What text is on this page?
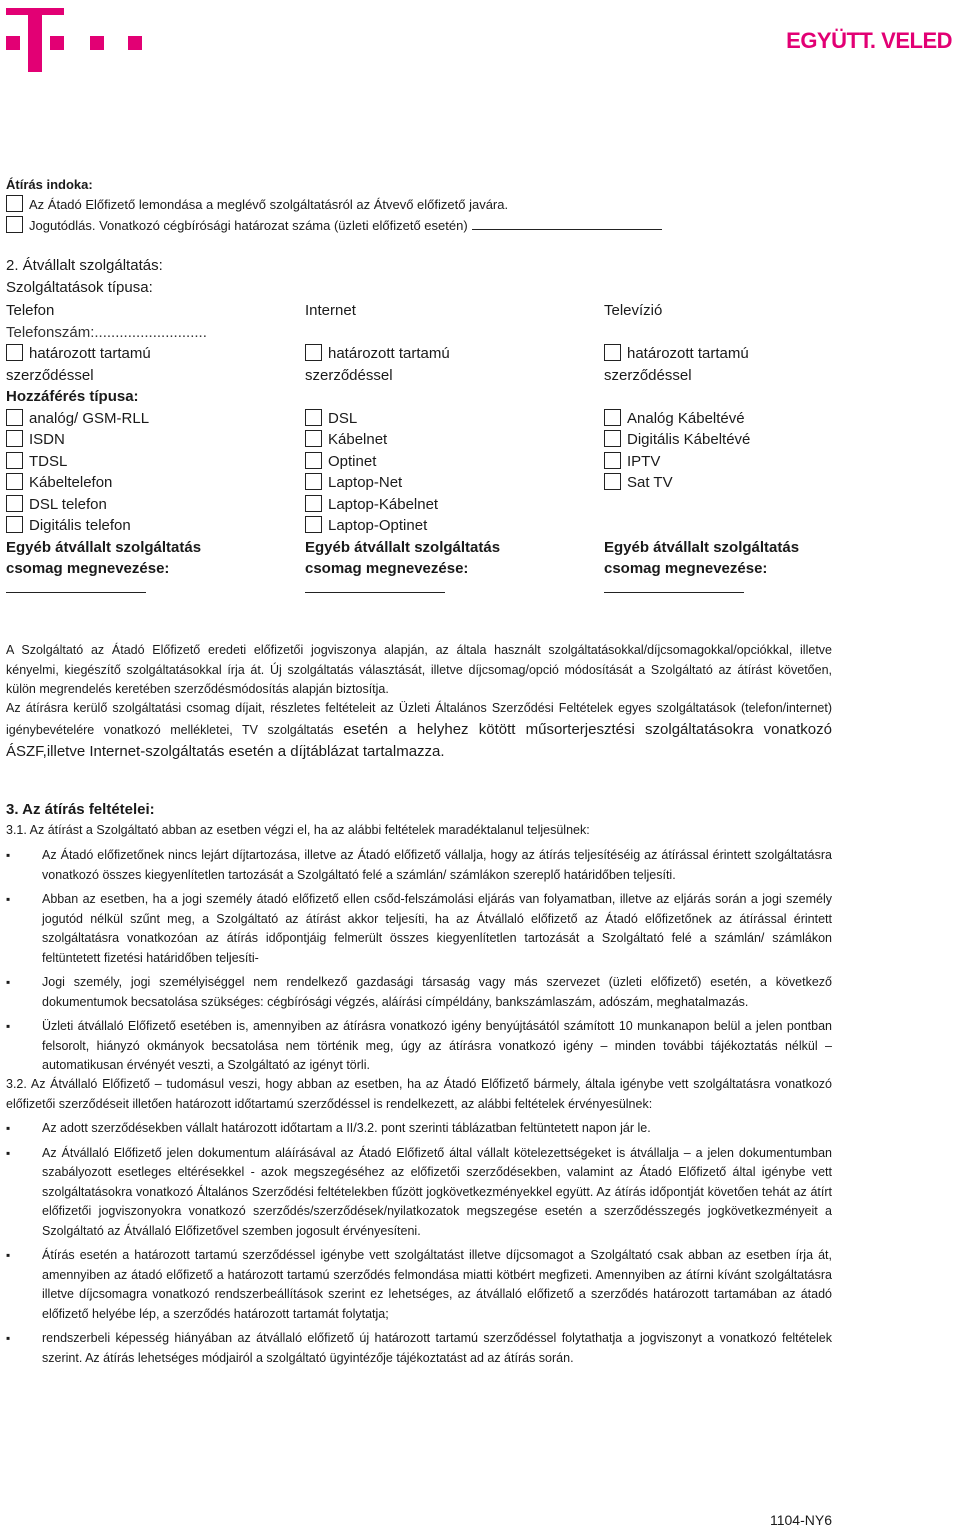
EGYÜTT. VELED
Átírás indoka:
Az Átadó Előfizető lemondása a meglévő szolgáltatásról az Átvevő előfizető javára.
Jogutódlás. Vonatkozó cégbírósági határozat száma (üzleti előfizető esetén)
2. Átvállalt szolgáltatás:
Szolgáltatások típusa:
Telefon
Telefonszám:...........................
határozott tartamú
szerződéssel
Hozzáférés típusa:
analóg/ GSM-RLL
ISDN
TDSL
Kábeltelefon
DSL telefon
Digitális telefon
Egyéb átvállalt szolgáltatás
csomag megnevezése:
Internet
határozott tartamú
szerződéssel
DSL
Kábelnet
Optinet
Laptop-Net
Laptop-Kábelnet
Laptop-Optinet
Egyéb átvállalt szolgáltatás
csomag megnevezése:
Televízió
határozott tartamú
szerződéssel
Analóg Kábeltévé
Digitális Kábeltévé
IPTV
Sat TV
Egyéb átvállalt szolgáltatás
csomag megnevezése:
A Szolgáltató az Átadó Előfizető eredeti előfizetői jogviszonya alapján, az általa használt szolgáltatásokkal/díjcsomagokkal/opciókkal, illetve kényelmi, kiegészítő szolgáltatásokkal írja át. Új szolgáltatás választását, illetve díjcsomag/opció módosítását a Szolgáltató az átírást követően, külön megrendelés keretében szerződésmódosítás alapján biztosítja.
Az átírásra kerülő szolgáltatási csomag díjait, részletes feltételeit az Üzleti Általános Szerződési Feltételek egyes szolgáltatások (telefon/internet) igénybevételére vonatkozó mellékletei, TV szolgáltatás esetén a helyhez kötött műsorterjesztési szolgáltatásokra vonatkozó ÁSZF,illetve Internet-szolgáltatás esetén a díjtáblázat tartalmazza.
3. Az átírás feltételei:
3.1. Az átírást a Szolgáltató abban az esetben végzi el, ha az alábbi feltételek maradéktalanul teljesülnek:
▪ Az Átadó előfizetőnek nincs lejárt díjtartozása, illetve az Átadó előfizető vállalja, hogy az átírás teljesítéséig az átírással érintett szolgáltatásra vonatkozó összes kiegyenlítetlen tartozását a Szolgáltató felé a számlán/ számlákon szereplő határidőben teljesíti.
▪ Abban az esetben, ha a jogi személy átadó előfizető ellen csőd-felszámolási eljárás van folyamatban, illetve az eljárás során a jogi személy jogutód nélkül szűnt meg, a Szolgáltató az átírást akkor teljesíti, ha az Átvállaló előfizető az Átadó előfizetőnek az átírással érintett szolgáltatásra vonatkozóan az átírás időpontjáig felmerült összes kiegyenlítetlen tartozását a Szolgáltató felé a számlán/ számlákon feltüntetett fizetési határidőben teljesíti-
▪ Jogi személy, jogi személyiséggel nem rendelkező gazdasági társaság vagy más szervezet (üzleti előfizető) esetén, a következő dokumentumok becsatolása szükséges: cégbírósági végzés, aláírási címpéldány, bankszámlaszám, adószám, meghatalmazás.
▪ Üzleti átvállaló Előfizető esetében is, amennyiben az átírásra vonatkozó igény benyújtásától számított 10 munkanapon belül a jelen pontban felsorolt, hiányzó okmányok becsatolása nem történik meg, úgy az átírásra vonatkozó igény – minden további tájékoztatás nélkül – automatikusan érvényét veszti, a Szolgáltató az igényt törli.
3.2. Az Átvállaló Előfizető – tudomásul veszi, hogy abban az esetben, ha az Átadó Előfizető bármely, általa igénybe vett szolgáltatásra vonatkozó előfizetői szerződéseit illetően határozott időtartamú szerződéssel is rendelkezett, az alábbi feltételek érvényesülnek:
▪ Az adott szerződésekben vállalt határozott időtartam a II/3.2. pont szerinti táblázatban feltüntetett napon jár le.
▪ Az Átvállaló Előfizető jelen dokumentum aláírásával az Átadó Előfizető által vállalt kötelezettségeket is átvállalja – a jelen dokumentumban szabályozott esetleges eltérésekkel - azok megszegéséhez az előfizetői szerződésekben, valamint az Átadó Előfizető által igénybe vett szolgáltatásokra vonatkozó Általános Szerződési feltételekben fűzött jogkövetkezményekkel együtt. Az átírás időpontját követően tehát az átírt előfizetői jogviszonyokra vonatkozó szerződés/szerződések/nyilatkozatok megszegése esetén a szerződésszegés jogkövetkezményeit a Szolgáltató az Átvállaló Előfizetővel szemben jogosult érvényesíteni.
▪ Átírás esetén a határozott tartamú szerződéssel igénybe vett szolgáltatást illetve díjcsomagot a Szolgáltató csak abban az esetben írja át, amennyiben az átadó előfizető a határozott tartamú szerződés felmondása miatti kötbért megfizeti. Amennyiben az átírni kívánt szolgáltatásra illetve díjcsomagra vonatkozó rendszerbeállítások szerint ez lehetséges, az átvállaló előfizető a szerződés határozott tartamában az átadó előfizető helyébe lép, a szerződés határozott tartamát folytatja;
▪ rendszerbeli képesség hiányában az átvállaló előfizető új határozott tartamú szerződéssel folytathatja a jogviszonyt a vonatkozó feltételek szerint. Az átírás lehetséges módjairól a szolgáltató ügyintézője tájékoztatást ad az átírás során.
1104-NY6
